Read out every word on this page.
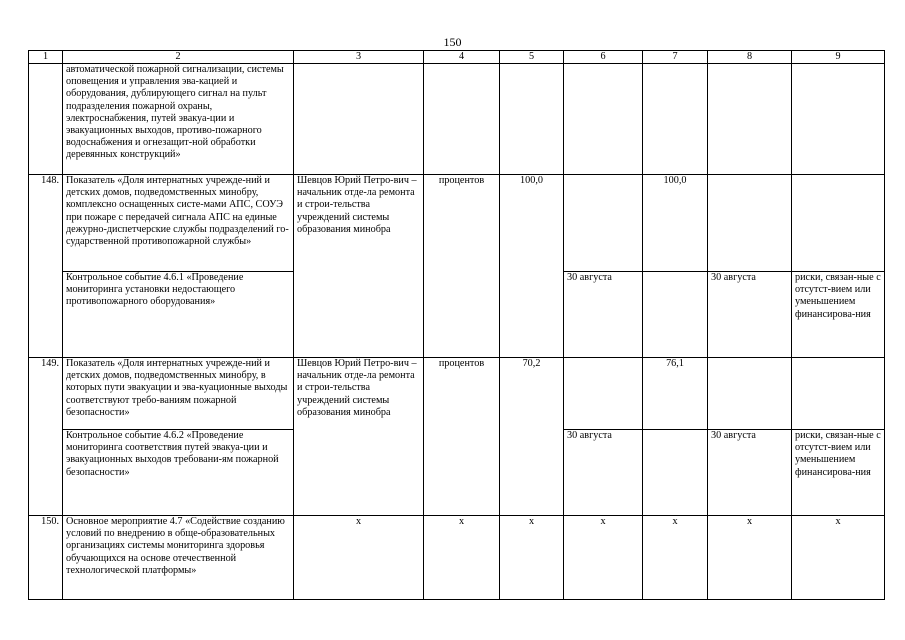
150
1	2	3	4	5	6	7	8	9
	автоматической пожарной сигнализации, системы оповещения и управления эва-кацией и оборудования, дублирующего сигнал на пульт подразделения пожарной охраны, электроснабжения, путей эвакуа-ции и эвакуационных выходов, противо-пожарного водоснабжения и огнезащит-ной обработки деревянных конструкций»							
148.	Показатель «Доля интернатных учрежде-ний и детских домов, подведомственных минобру, комплексно оснащенных систе-мами АПС, СОУЭ при пожаре с передачей сигнала АПС на единые дежурно-диспетчерские службы подразделений го-сударственной противопожарной службы»	Шевцов Юрий Петро-вич – начальник отде-ла ремонта и строи-тельства учреждений системы образования минобра	процентов	100,0		100,0		
	Контрольное событие 4.6.1 «Проведение мониторинга установки недостающего противопожарного оборудования»				30 августа		30 августа	риски, связан-ные с отсутст-вием или уменьшением финансирова-ния
149.	Показатель «Доля интернатных учрежде-ний и детских домов, подведомственных минобру, в которых пути эвакуации и эва-куационные выходы соответствуют требо-ваниям пожарной безопасности»	Шевцов Юрий Петро-вич – начальник отде-ла ремонта и строи-тельства учреждений системы образования минобра	процентов	70,2		76,1		
	Контрольное событие 4.6.2 «Проведение мониторинга соответствия путей эвакуа-ции и эвакуационных выходов требовани-ям пожарной безопасности»				30 августа		30 августа	риски, связан-ные с отсутст-вием или уменьшением финансирова-ния
150.	Основное мероприятие 4.7 «Содействие созданию условий по внедрению в обще-образовательных организациях системы мониторинга здоровья обучающихся на основе отечественной технологической платформы»	х	х	х	х	х	х	х
